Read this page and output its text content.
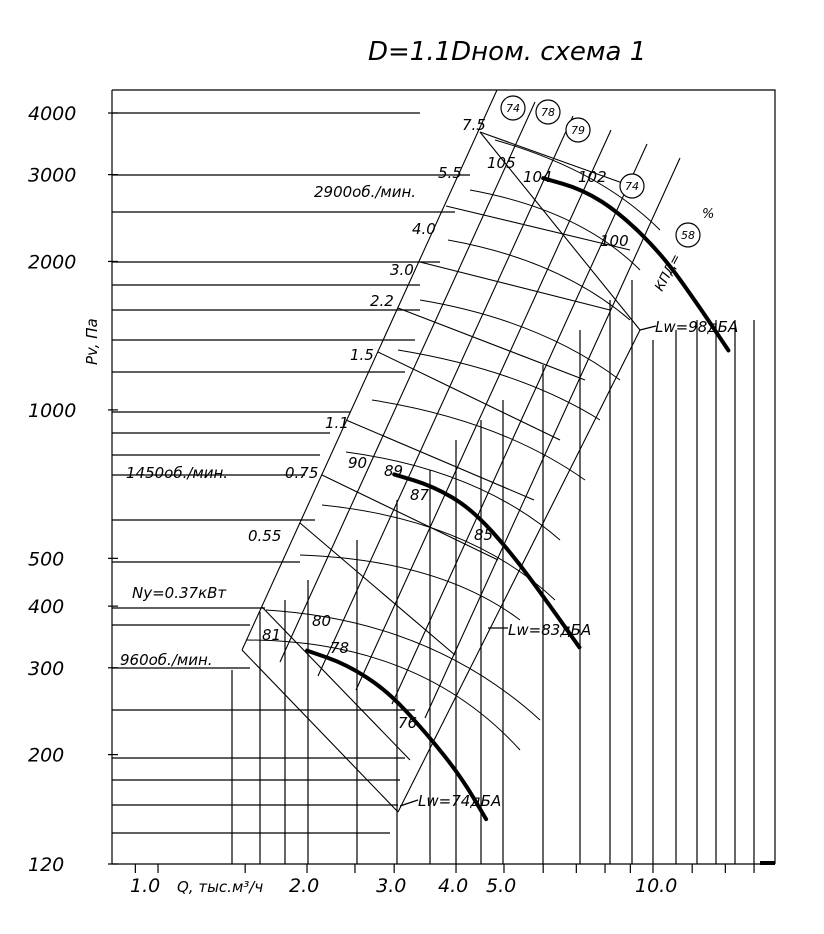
D=1.1Dном. схема 1
Pv, Па
Q, тыс.м³/ч
120
200
300
400
500
1000
2000
3000
4000
1.0	2.0	3.0 4.0 5.0	10.0
2900об./мин.
1450об./мин.
960об./мин.
Lw=98дБА
Lw=83дБА
Lw=74дБА
Ny=0.37кВт
0.55
0.75
1.1
1.5
2.2
3.0
4.0
5.5
7.5
81
80
78
76
90 89
87
85
105
104 102
100
74 78
79
74
58
КПД=
%
